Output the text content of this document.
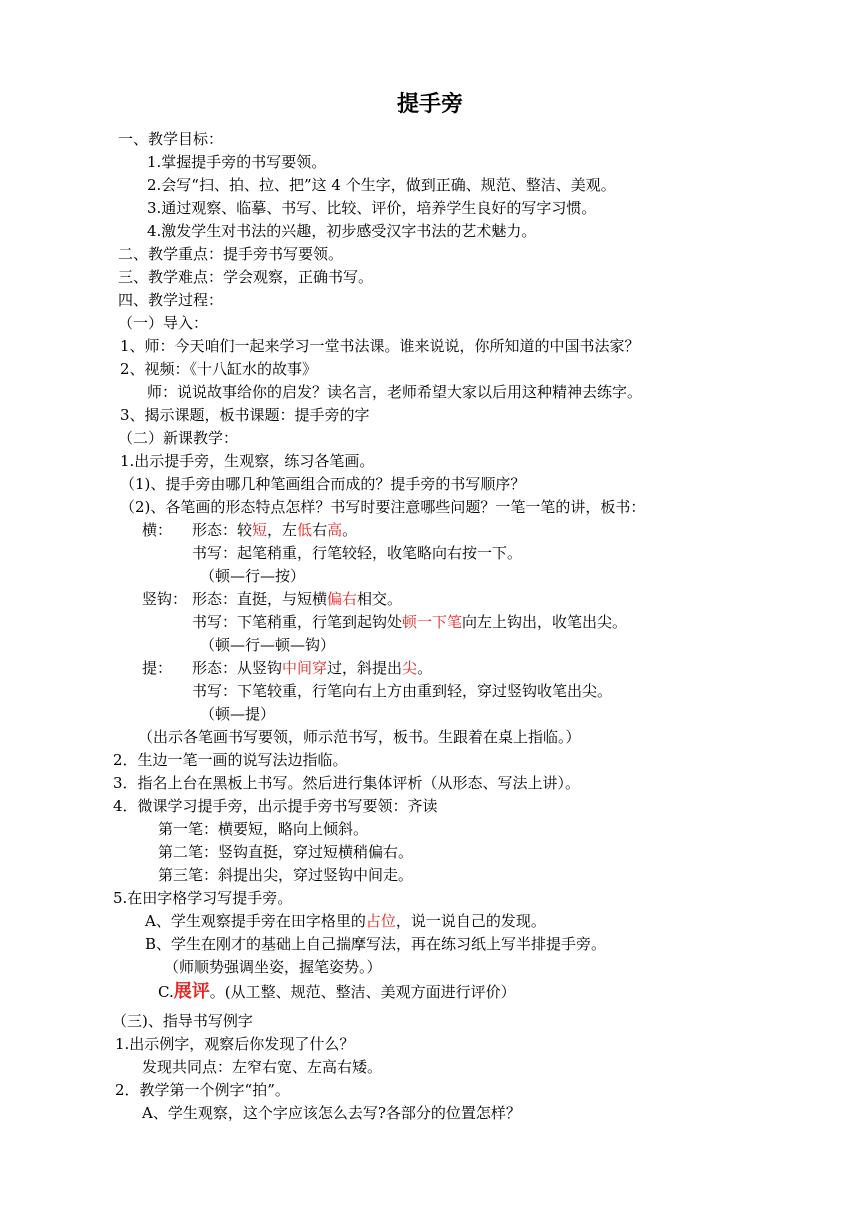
提手旁
一、教学目标：
1.掌握提手旁的书写要领。
2.会写“扫、拍、拉、把”这 4 个生字，做到正确、规范、整洁、美观。
3.通过观察、临摹、书写、比较、评价，培养学生良好的写字习惯。
4.激发学生对书法的兴趣，初步感受汉字书法的艺术魅力。
二、教学重点：提手旁书写要领。
三、教学难点：学会观察，正确书写。
四、教学过程：
（一）导入：
1、师：今天咱们一起来学习一堂书法课。谁来说说，你所知道的中国书法家？
2、视频：《十八缸水的故事》
师：说说故事给你的启发？读名言，老师希望大家以后用这种精神去练字。
3、揭示课题，板书课题：提手旁的字
（二）新课教学：
1.出示提手旁，生观察，练习各笔画。
（1)、提手旁由哪几种笔画组合而成的？提手旁的书写顺序？
（2)、各笔画的形态特点怎样？书写时要注意哪些问题？一笔一笔的讲，板书：
横： 形态：较短，左低右高。
书写：起笔稍重，行笔较轻，收笔略向右按一下。
（顿—行—按）
竖钩： 形态：直挺，与短横偏右相交。
书写：下笔稍重，行笔到起钩处顿一下笔向左上钩出，收笔出尖。
（顿—行—顿—钩）
提： 形态：从竖钩中间穿过，斜提出尖。
书写：下笔较重，行笔向右上方由重到轻，穿过竖钩收笔出尖。
（顿—提）
（出示各笔画书写要领，师示范书写，板书。生跟着在桌上指临。）
2．生边一笔一画的说写法边指临。
3．指名上台在黑板上书写。然后进行集体评析（从形态、写法上讲）。
4．微课学习提手旁，出示提手旁书写要领：齐读
第一笔：横要短，略向上倾斜。
第二笔：竖钩直挺，穿过短横稍偏右。
第三笔：斜提出尖，穿过竖钩中间走。
5.在田字格学习写提手旁。
A、学生观察提手旁在田字格里的占位，说一说自己的发现。
B、学生在刚才的基础上自己揣摩写法，再在练习纸上写半排提手旁。
（师顺势强调坐姿，握笔姿势。）
C.展评。(从工整、规范、整洁、美观方面进行评价）
（三)、指导书写例字
1.出示例字，观察后你发现了什么？
发现共同点：左窄右宽、左高右矮。
2．教学第一个例字“拍”。
A、学生观察，这个字应该怎么去写?各部分的位置怎样？
